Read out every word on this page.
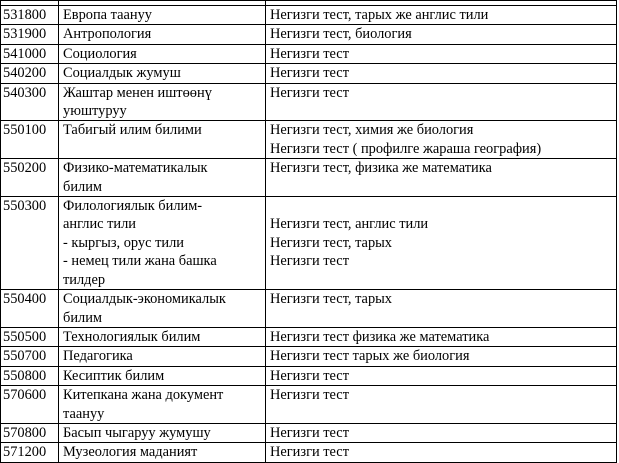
531800	Европа таануу	Негизги тест, тарых же англис тили

531900	Антропология	Негизги тест, биология

541000	Социология	Негизги тест

540200	Социалдык жумуш	Негизги тест

540300	Жаштар менен иштөөнү
уюштуруу	Негизги тест

550100	Табигый илим билими	Негизги тест, химия же биология
Негизги тест ( профилге жараша география)

550200	Физико-математикалык
билим	Негизги тест, физика же математика

550300	Филологиялык билим-
англис тили
- кыргыз, орус тили
- немец тили жана башка
тилдер	Негизги тест, англис тили
Негизги тест, тарых
Негизги тест

550400	Социалдык-экономикалык
билим	Негизги тест, тарых

550500	Технологиялык билим	Негизги тест физика же математика

550700	Педагогика	Негизги тест тарых же биология

550800	Кесиптик билим	Негизги тест

570600	Китепкана жана документ
таануу	Негизги тест

570800	Басып чыгаруу жумушу	Негизги тест

571200	Музеология маданият	Негизги тест
